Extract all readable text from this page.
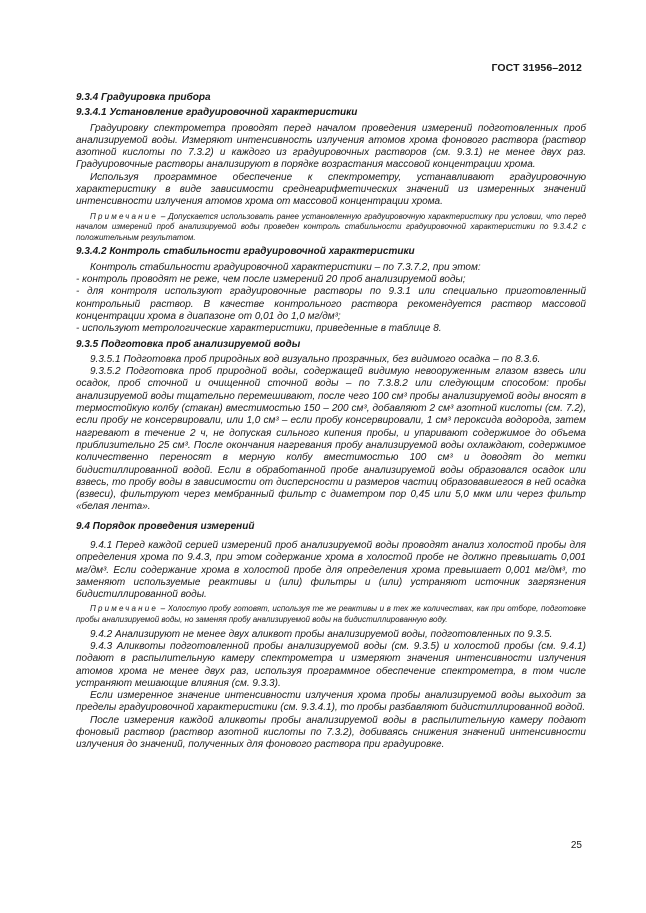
ГОСТ 31956–2012

9.3.4 Градуировка прибора

9.3.4.1 Установление градуировочной характеристики

Градуировку спектрометра проводят перед началом проведения измерений подготовленных проб анализируемой воды. Измеряют интенсивность излучения атомов хрома фонового раствора (раствор азотной кислоты по 7.3.2) и каждого из градуировочных растворов (см. 9.3.1) не менее двух раз. Градуировочные растворы анализируют в порядке возрастания массовой концентрации хрома.

Используя программное обеспечение к спектрометру, устанавливают градуировочную характеристику в виде зависимости среднеарифметических значений из измеренных значений интенсивности излучения атомов хрома от массовой концентрации хрома.

Примечание – Допускается использовать ранее установленную градуировочную характеристику при условии, что перед началом измерений проб анализируемой воды проведен контроль стабильности градуировочной характеристики по 9.3.4.2 с положительным результатом.

9.3.4.2 Контроль стабильности градуировочной характеристики

Контроль стабильности градуировочной характеристики – по 7.3.7.2, при этом:

- контроль проводят не реже, чем после измерений 20 проб анализируемой воды;

- для контроля используют градуировочные растворы по 9.3.1 или специально приготовленный контрольный раствор. В качестве контрольного раствора рекомендуется раствор массовой концентрации хрома в диапазоне от 0,01 до 1,0 мг/дм³;

- используют метрологические характеристики, приведенные в таблице 8.

9.3.5 Подготовка проб анализируемой воды

9.3.5.1 Подготовка проб природных вод визуально прозрачных, без видимого осадка – по 8.3.6.

9.3.5.2 Подготовка проб природной воды, содержащей видимую невооруженным глазом взвесь или осадок, проб сточной и очищенной сточной воды – по 7.3.8.2 или следующим способом: пробы анализируемой воды тщательно перемешивают, после чего 100 см³ пробы анализируемой воды вносят в термостойкую колбу (стакан) вместимостью 150 – 200 см³, добавляют 2 см³ азотной кислоты (см. 7.2), если пробу не консервировали, или 1,0 см³ – если пробу консервировали, 1 см³ пероксида водорода, затем нагревают в течение 2 ч, не допуская сильного кипения пробы, и упаривают содержимое до объема приблизительно 25 см³. После окончания нагревания пробу анализируемой воды охлаждают, содержимое количественно переносят в мерную колбу вместимостью 100 см³ и доводят до метки бидистиллированной водой. Если в обработанной пробе анализируемой воды образовался осадок или взвесь, то пробу воды в зависимости от дисперсности и размеров частиц образовавшегося в ней осадка (взвеси), фильтруют через мембранный фильтр с диаметром пор 0,45 или 5,0 мкм или через фильтр «белая лента».

9.4 Порядок проведения измерений

9.4.1 Перед каждой серией измерений проб анализируемой воды проводят анализ холостой пробы для определения хрома по 9.4.3, при этом содержание хрома в холостой пробе не должно превышать 0,001 мг/дм³. Если содержание хрома в холостой пробе для определения хрома превышает 0,001 мг/дм³, то заменяют используемые реактивы и (или) фильтры и (или) устраняют источник загрязнения бидистиллированной воды.

Примечание – Холостую пробу готовят, используя те же реактивы и в тех же количествах, как при отборе, подготовке пробы анализируемой воды, но заменяя пробу анализируемой воды на бидистиллированную воду.

9.4.2 Анализируют не менее двух аликвот пробы анализируемой воды, подготовленных по 9.3.5.

9.4.3 Аликвоты подготовленной пробы анализируемой воды (см. 9.3.5) и холостой пробы (см. 9.4.1) подают в распылительную камеру спектрометра и измеряют значения интенсивности излучения атомов хрома не менее двух раз, используя программное обеспечение спектрометра, в том числе устраняют мешающие влияния (см. 9.3.3).

Если измеренное значение интенсивности излучения хрома пробы анализируемой воды выходит за пределы градуировочной характеристики (см. 9.3.4.1), то пробы разбавляют бидистиллированной водой.

После измерения каждой аликвоты пробы анализируемой воды в распылительную камеру подают фоновый раствор (раствор азотной кислоты по 7.3.2), добиваясь снижения значений интенсивности излучения до значений, полученных для фонового раствора при градуировке.

25
